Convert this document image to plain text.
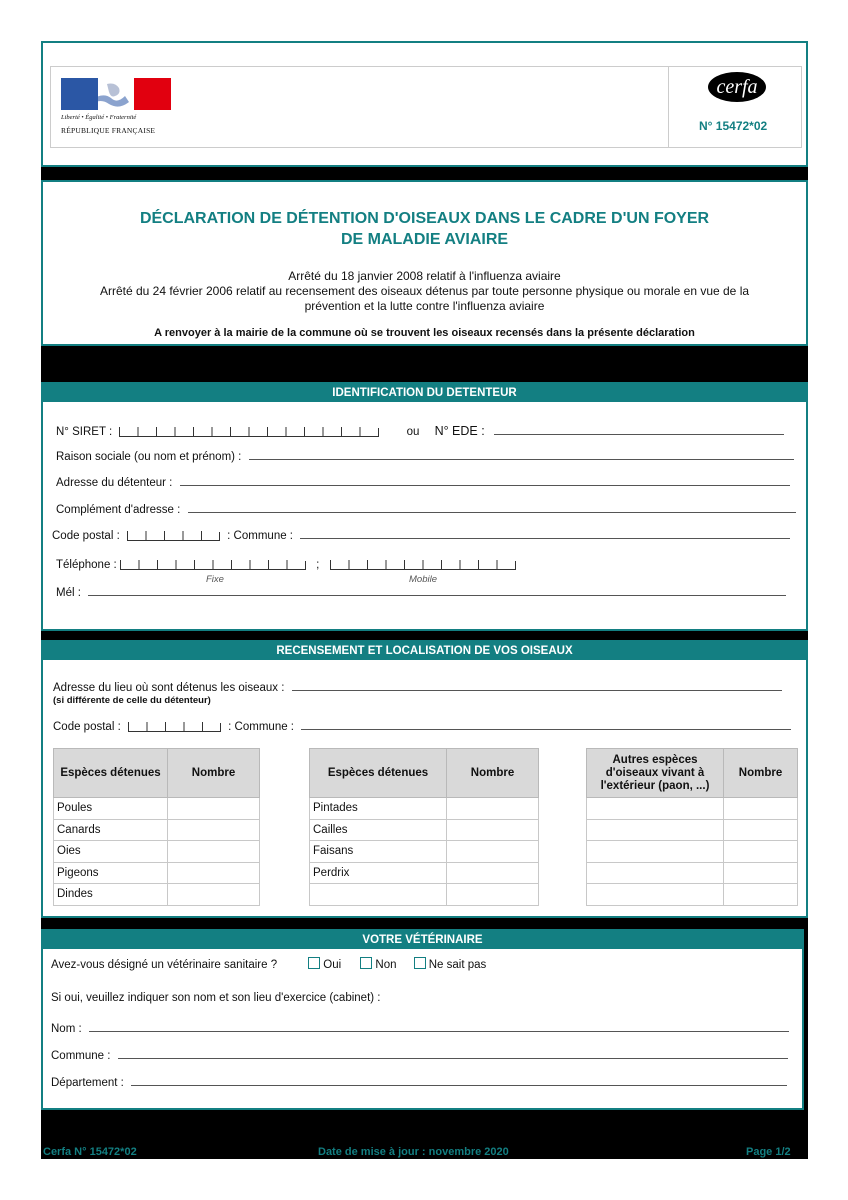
Liberté • Égalité • Fraternité
RÉPUBLIQUE FRANÇAISE
cerfa
N° 15472*02
DÉCLARATION DE DÉTENTION D'OISEAUX DANS LE CADRE D'UN FOYER
DE MALADIE AVIAIRE
Arrêté du 18 janvier 2008 relatif à l'influenza aviaire
Arrêté du 24 février 2006 relatif au recensement des oiseaux détenus par toute personne physique ou morale en vue de la
prévention et la lutte contre l'influenza aviaire
A renvoyer à la mairie de la commune où se trouvent les oiseaux recensés dans la présente déclaration
IDENTIFICATION DU DETENTEUR
N° SIRET :	ou N° EDE :
Raison sociale (ou nom et prénom) :
Adresse du détenteur :
Complément d'adresse :
Code postal :	: Commune :
Téléphone :	;
Fixe	Mobile
Mél :
RECENSEMENT ET LOCALISATION DE VOS OISEAUX
Adresse du lieu où sont détenus les oiseaux :
(si différente de celle du détenteur)
Code postal :	: Commune :
Espèces détenues	Nombre
Poules	
Canards	
Oies	
Pigeons	
Dindes	
Espèces détenues	Nombre
Pintades	
Cailles	
Faisans	
Perdrix	

Autres espèces
d'oiseaux vivant à
l'extérieur (paon, ...)	Nombre

VOTRE VÉTÉRINAIRE
Avez-vous désigné un vétérinaire sanitaire ?	Oui	Non	Ne sait pas
Si oui, veuillez indiquer son nom et son lieu d'exercice (cabinet) :
Nom :
Commune :
Département :
Cerfa N° 15472*02	Date de mise à jour : novembre 2020	Page 1/2
